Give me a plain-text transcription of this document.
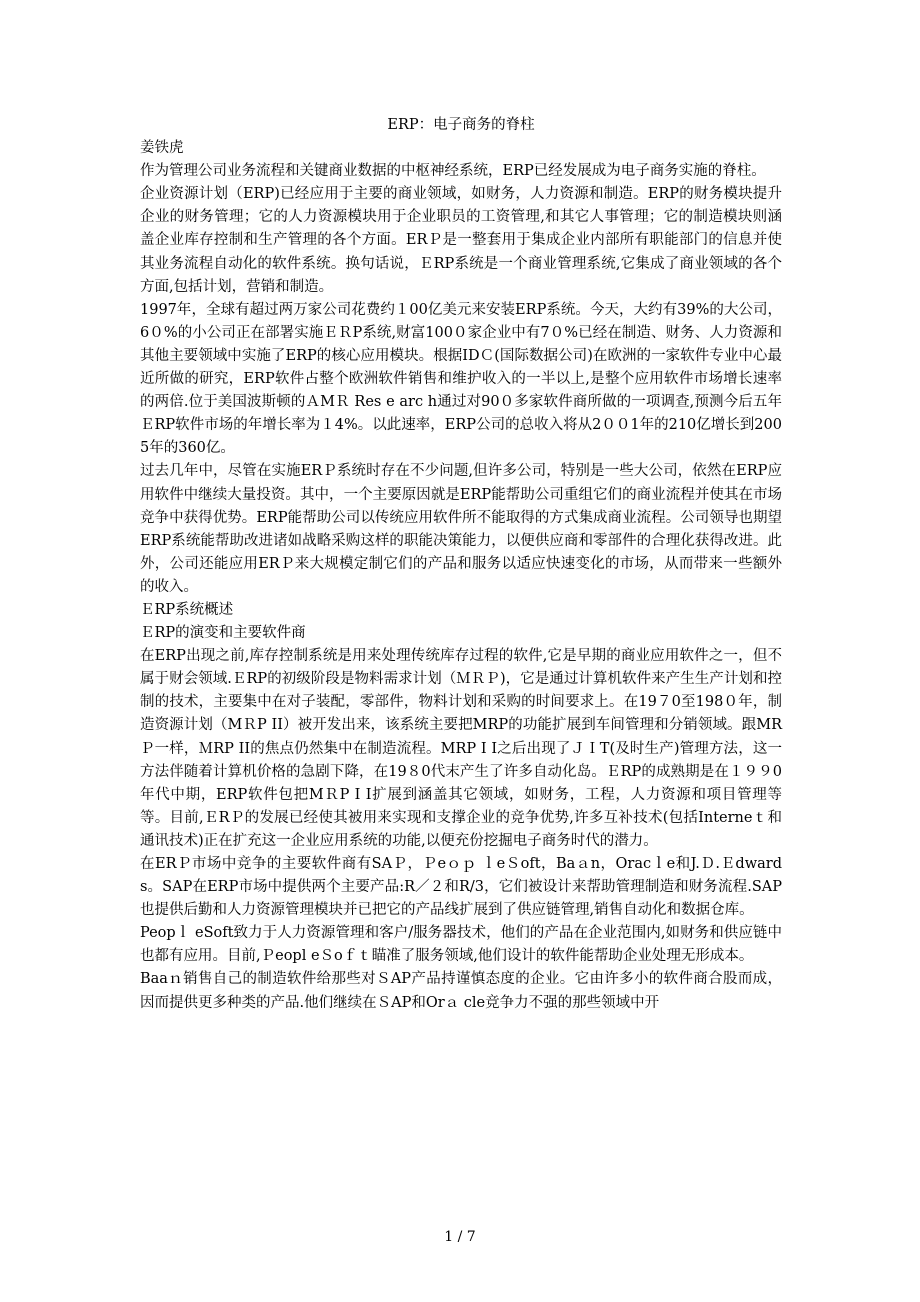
ERP：电子商务的脊柱

姜铁虎

作为管理公司业务流程和关键商业数据的中枢神经系统，ERP已经发展成为电子商务实施的脊柱。

企业资源计划（ERP)已经应用于主要的商业领域，如财务，人力资源和制造。ERP的财务模块提升企业的财务管理；它的人力资源模块用于企业职员的工资管理,和其它人事管理；它的制造模块则涵盖企业库存控制和生产管理的各个方面。ERＰ是一整套用于集成企业内部所有职能部门的信息并使其业务流程自动化的软件系统。换句话说，ＥRP系统是一个商业管理系统,它集成了商业领域的各个方面,包括计划，营销和制造。

1997年，全球有超过两万家公司花费约１00亿美元来安装ERP系统。今天，大约有39%的大公司，6０%的小公司正在部署实施ＥＲP系统,财富100０家企业中有7０%已经在制造、财务、人力资源和其他主要领域中实施了ERP的核心应用模块。根据IDＣ(国际数据公司)在欧洲的一家软件专业中心最近所做的研究，ERP软件占整个欧洲软件销售和维护收入的一半以上,是整个应用软件市场增长速率的两倍.位于美国波斯顿的ＡMＲ Res e arc h通过对90０多家软件商所做的一项调查,预测今后五年ＥRP软件市场的年增长率为１4%。以此速率，ERP公司的总收入将从2００1年的210亿增长到2005年的360亿。

过去几年中，尽管在实施ERＰ系统时存在不少问题,但许多公司，特别是一些大公司，依然在ERP应用软件中继续大量投资。其中，一个主要原因就是ERP能帮助公司重组它们的商业流程并使其在市场竞争中获得优势。ERP能帮助公司以传统应用软件所不能取得的方式集成商业流程。公司领导也期望ERP系统能帮助改进诸如战略采购这样的职能决策能力，以便供应商和零部件的合理化获得改进。此外，公司还能应用ERＰ来大规模定制它们的产品和服务以适应快速变化的市场，从而带来一些额外的收入。

ＥRP系统概述

ＥRP的演变和主要软件商

在ERP出现之前,库存控制系统是用来处理传统库存过程的软件,它是早期的商业应用软件之一，但不属于财会领域.ＥRP的初级阶段是物料需求计划（ＭＲＰ)，它是通过计算机软件来产生生产计划和控制的技术，主要集中在对子装配，零部件，物料计划和采购的时间要求上。在19７0至198０年，制造资源计划（MＲP II）被开发出来，该系统主要把MRP的功能扩展到车间管理和分销领域。跟MRＰ一样，ＭRP II的焦点仍然集中在制造流程。MRP I I之后出现了ＪＩT(及时生产)管理方法，这一方法伴随着计算机价格的急剧下降，在19８0代末产生了许多自动化岛。ＥRP的成熟期是在１９９0年代中期，ERP软件包把MＲP I I扩展到涵盖其它领域，如财务，工程，人力资源和项目管理等等。目前,ＥRＰ的发展已经使其被用来实现和支撑企业的竞争优势,许多互补技术(包括Interneｔ和通讯技术)正在扩充这一企业应用系统的功能,以便充份挖掘电子商务时代的潜力。

在ERＰ市场中竞争的主要软件商有SAＰ，Ｐeｏｐ ｌeＳoft，Baａn，Oracｌe和J.Ｄ.Ｅdwards。SAP在ERP市场中提供两个主要产品:R／２和R/3，它们被设计来帮助管理制造和财务流程.SAP也提供后勤和人力资源管理模块并已把它的产品线扩展到了供应链管理,销售自动化和数据仓库。

Peopｌ eSoft致力于人力资源管理和客户/服务器技术，他们的产品在企业范围内,如财务和供应链中也都有应用。目前,Ｐeopl eＳoｆｔ瞄准了服务领域,他们设计的软件能帮助企业处理无形成本。

Baaｎ销售自己的制造软件给那些对ＳAP产品持谨慎态度的企业。它由许多小的软件商合股而成，因而提供更多种类的产品.他们继续在ＳAP和Orａ cle竞争力不强的那些领域中开

1 / 7
